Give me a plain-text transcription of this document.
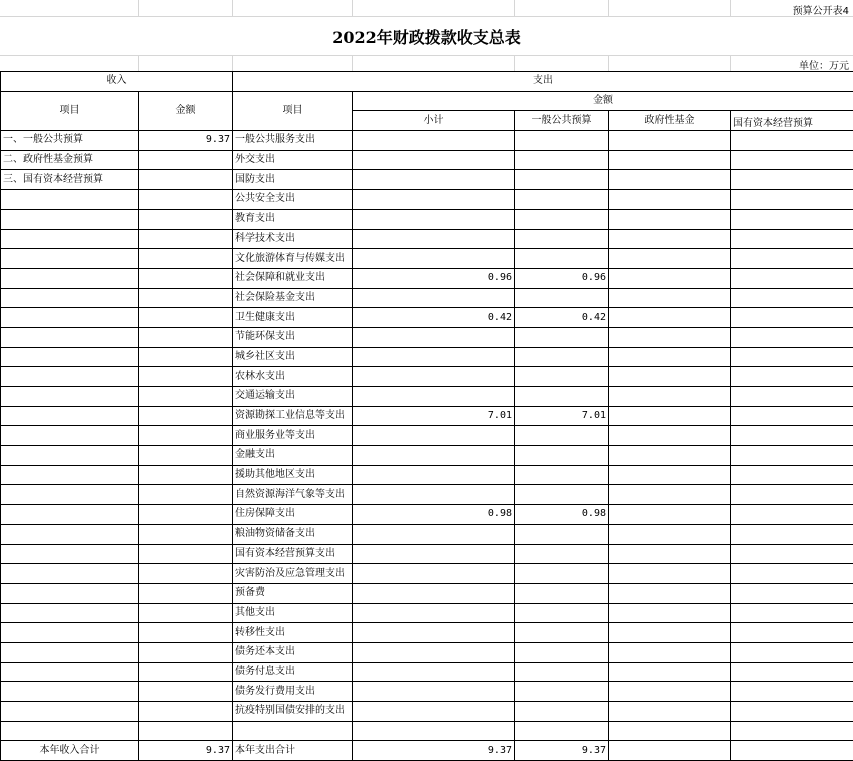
预算公开表4
2022年财政拨款收支总表
单位：万元
收入		支出				
项目	金额	项目	金额			
			小计	一般公共预算	政府性基金	国有资本经营预算
一、一般公共预算	9.37	一般公共服务支出				
二、政府性基金预算		外交支出				
三、国有资本经营预算		国防支出				
		公共安全支出				
		教育支出				
		科学技术支出				
		文化旅游体育与传媒支出				
		社会保障和就业支出	0.96	0.96		
		社会保险基金支出				
		卫生健康支出	0.42	0.42		
		节能环保支出				
		城乡社区支出				
		农林水支出				
		交通运输支出				
		资源勘探工业信息等支出	7.01	7.01		
		商业服务业等支出				
		金融支出				
		援助其他地区支出				
		自然资源海洋气象等支出				
		住房保障支出	0.98	0.98		
		粮油物资储备支出				
		国有资本经营预算支出				
		灾害防治及应急管理支出				
		预备费				
		其他支出				
		转移性支出				
		债务还本支出				
		债务付息支出				
		债务发行费用支出				
		抗疫特别国债安排的支出				

本年收入合计	9.37	本年支出合计	9.37	9.37		
